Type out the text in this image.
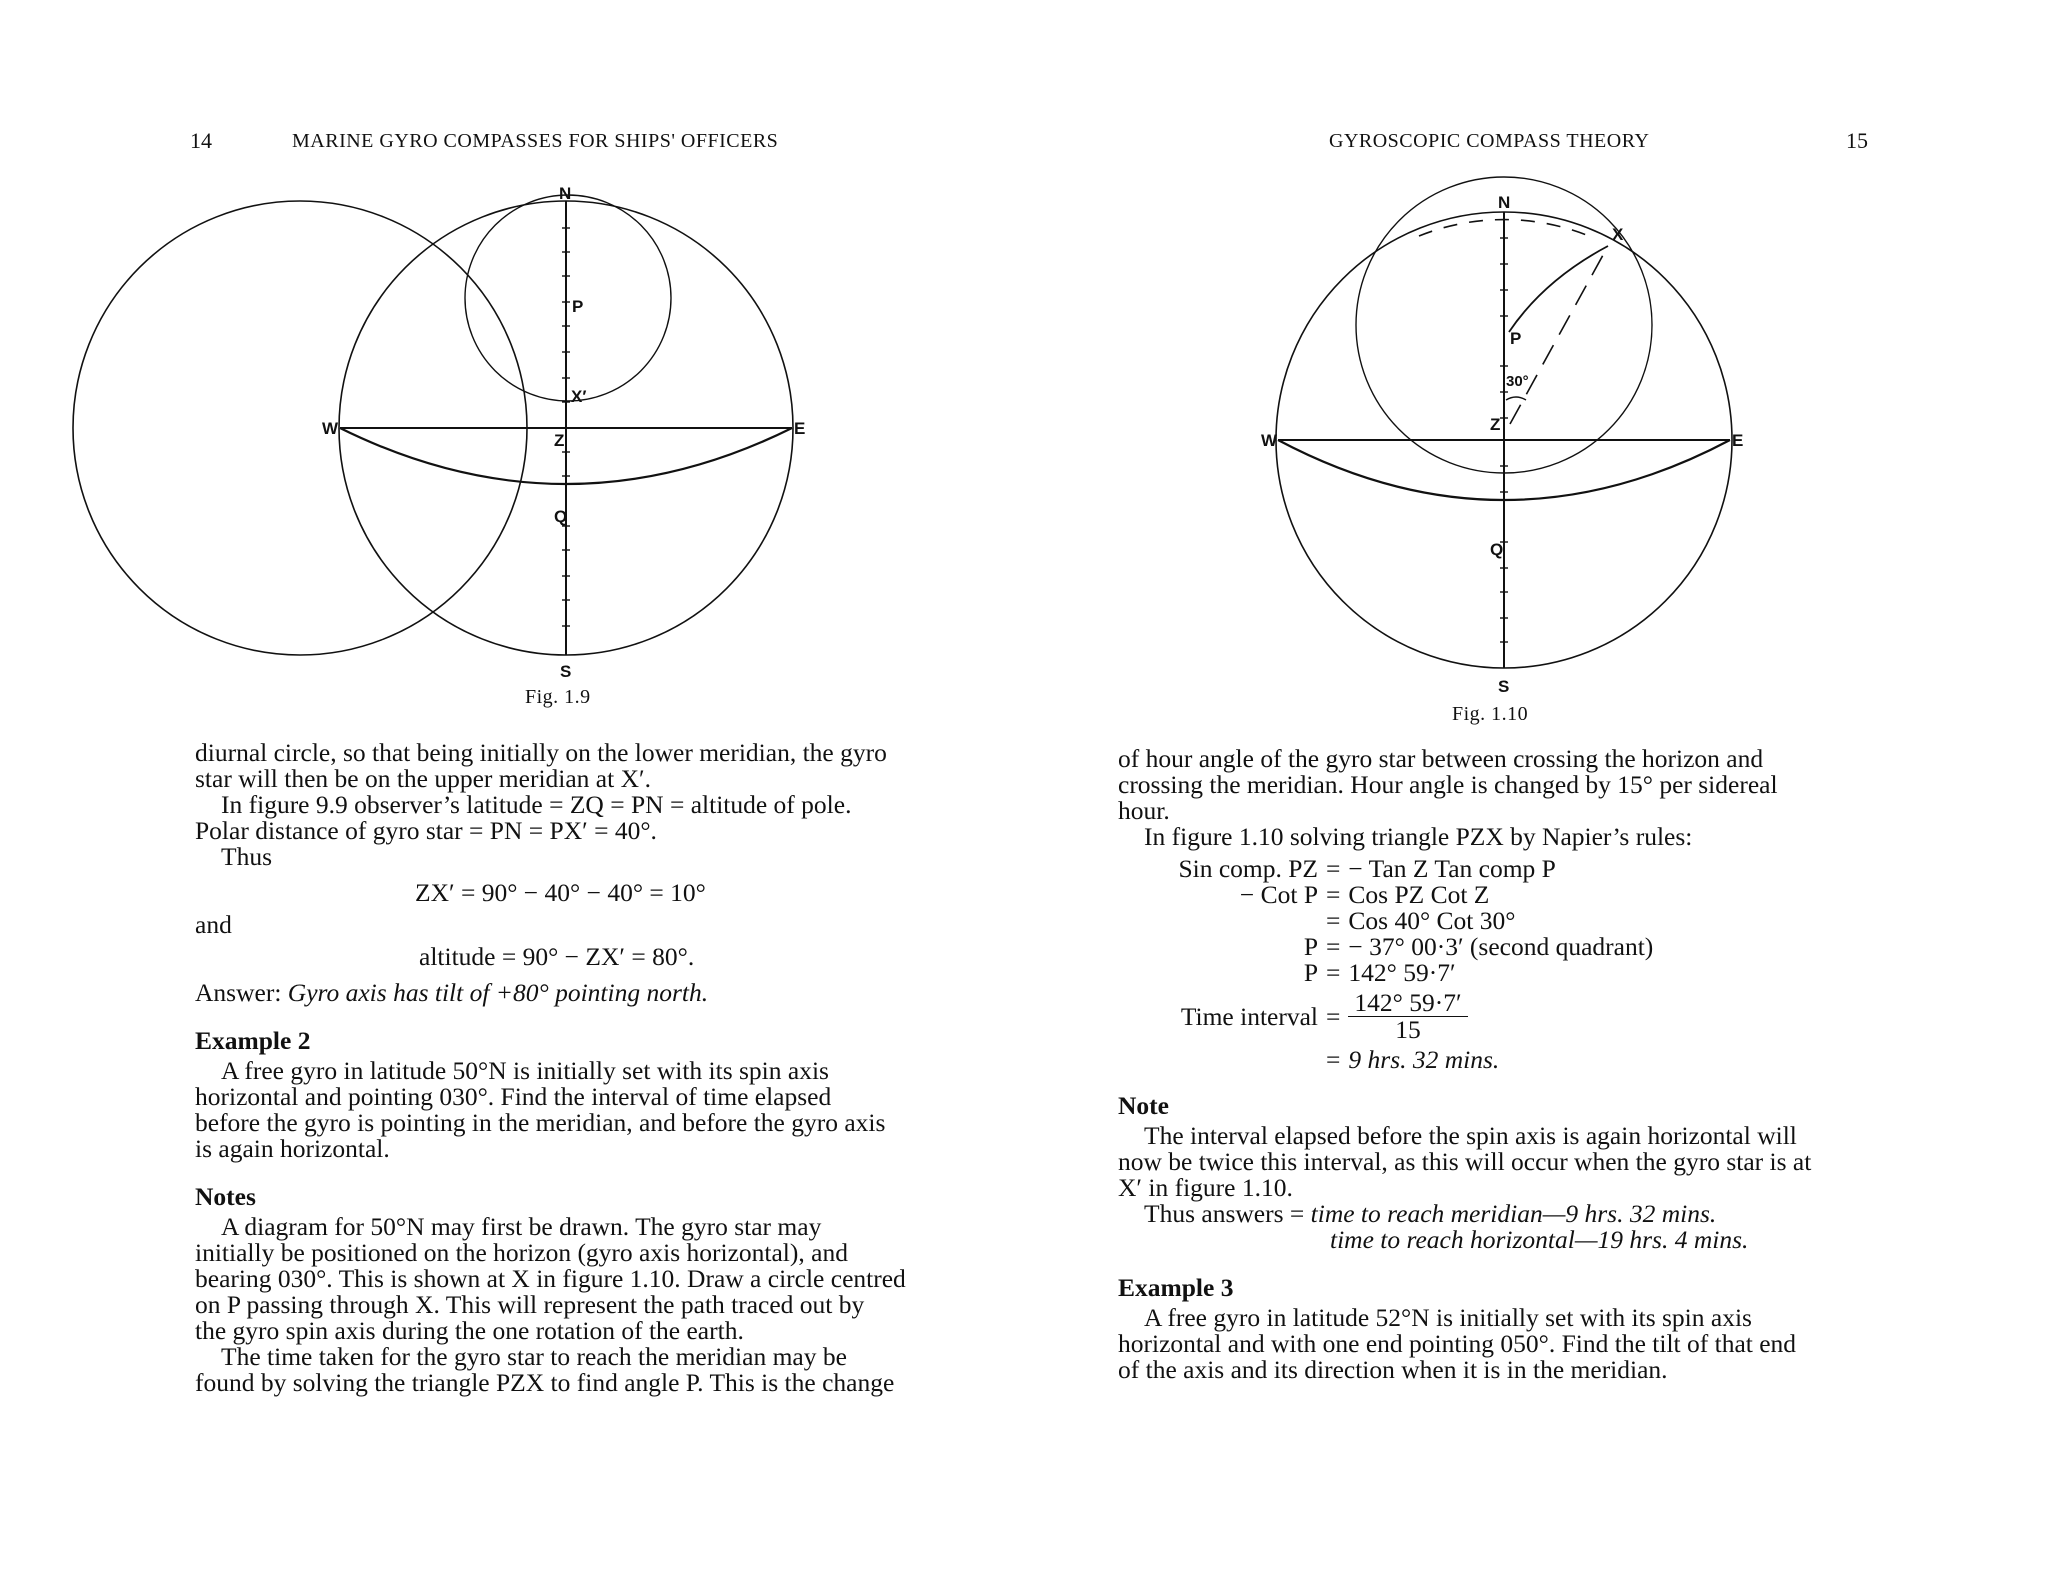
14	MARINE GYRO COMPASSES FOR SHIPS' OFFICERS
N
P
X′
W
Z
E
Q
S
Fig. 1.9

diurnal circle, so that being initially on the lower meridian, the gyro

star will then be on the upper meridian at X′.

In figure 9.9 observer’s latitude = ZQ = PN = altitude of pole.

Polar distance of gyro star = PN = PX′ = 40°.

Thus

ZX′ = 90° − 40° − 40° = 10°

and

altitude = 90° − ZX′ = 80°.

Answer: Gyro axis has tilt of +80° pointing north.

Example 2

A free gyro in latitude 50°N is initially set with its spin axis

horizontal and pointing 030°. Find the interval of time elapsed

before the gyro is pointing in the meridian, and before the gyro axis

is again horizontal.

Notes

A diagram for 50°N may first be drawn. The gyro star may

initially be positioned on the horizon (gyro axis horizontal), and

bearing 030°. This is shown at X in figure 1.10. Draw a circle centred

on P passing through X. This will represent the path traced out by

the gyro spin axis during the one rotation of the earth.

The time taken for the gyro star to reach the meridian may be

found by solving the triangle PZX to find angle P. This is the change

GYROSCOPIC COMPASS THEORY	15
N
X
P
30°
W
Z
E
Q
S
Fig. 1.10

of hour angle of the gyro star between crossing the horizon and

crossing the meridian. Hour angle is changed by 15° per sidereal

hour.

In figure 1.10 solving triangle PZX by Napier’s rules:

Sin comp. PZ = − Tan Z Tan comp P
− Cot P = Cos PZ Cot Z
= Cos 40° Cot 30°
P = − 37° 00·3′ (second quadrant)
P = 142° 59·7′
Time interval = $\frac{142^\circ 59\cdot 7'}{15}$
= 9 hrs. 32 mins.

Note

The interval elapsed before the spin axis is again horizontal will

now be twice this interval, as this will occur when the gyro star is at

X′ in figure 1.10.

Thus answers = time to reach meridian—9 hrs. 32 mins.

time to reach horizontal—19 hrs. 4 mins.

Example 3

A free gyro in latitude 52°N is initially set with its spin axis

horizontal and with one end pointing 050°. Find the tilt of that end

of the axis and its direction when it is in the meridian.
